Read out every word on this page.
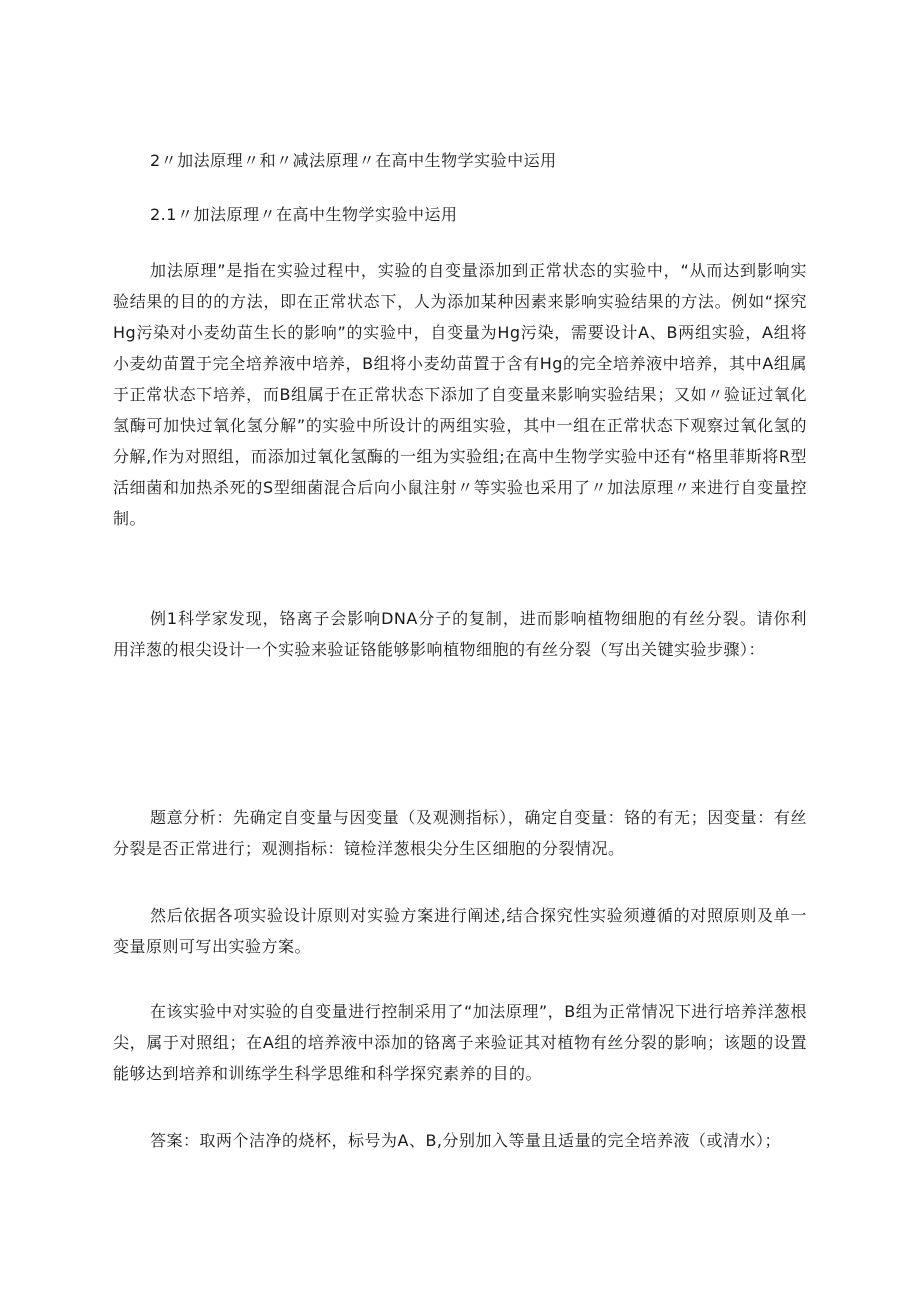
2〃加法原理〃和〃减法原理〃在高中生物学实验中运用

2.1〃加法原理〃在高中生物学实验中运用

加法原理”是指在实验过程中，实验的自变量添加到正常状态的实验中，“从而达到影响实验结果的目的的方法，即在正常状态下，人为添加某种因素来影响实验结果的方法。例如“探究Hg污染对小麦幼苗生长的影响”的实验中，自变量为Hg污染，需要设计A、B两组实验，A组将小麦幼苗置于完全培养液中培养，B组将小麦幼苗置于含有Hg的完全培养液中培养，其中A组属于正常状态下培养，而B组属于在正常状态下添加了自变量来影响实验结果；又如〃验证过氧化氢酶可加快过氧化氢分解”的实验中所设计的两组实验，其中一组在正常状态下观察过氧化氢的分解,作为对照组，而添加过氧化氢酶的一组为实验组;在高中生物学实验中还有“格里菲斯将R型活细菌和加热杀死的S型细菌混合后向小鼠注射〃等实验也采用了〃加法原理〃来进行自变量控制。

例1科学家发现，铬离子会影响DNA分子的复制，进而影响植物细胞的有丝分裂。请你利用洋葱的根尖设计一个实验来验证铬能够影响植物细胞的有丝分裂（写出关键实验步骤）：

题意分析：先确定自变量与因变量（及观测指标），确定自变量：铬的有无；因变量：有丝分裂是否正常进行；观测指标：镜检洋葱根尖分生区细胞的分裂情况。

然后依据各项实验设计原则对实验方案进行阐述,结合探究性实验须遵循的对照原则及单一变量原则可写出实验方案。

在该实验中对实验的自变量进行控制采用了“加法原理”，B组为正常情况下进行培养洋葱根尖，属于对照组；在A组的培养液中添加的铬离子来验证其对植物有丝分裂的影响；该题的设置能够达到培养和训练学生科学思维和科学探究素养的目的。

答案：取两个洁净的烧杯，标号为A、B,分别加入等量且适量的完全培养液（或清水）；
